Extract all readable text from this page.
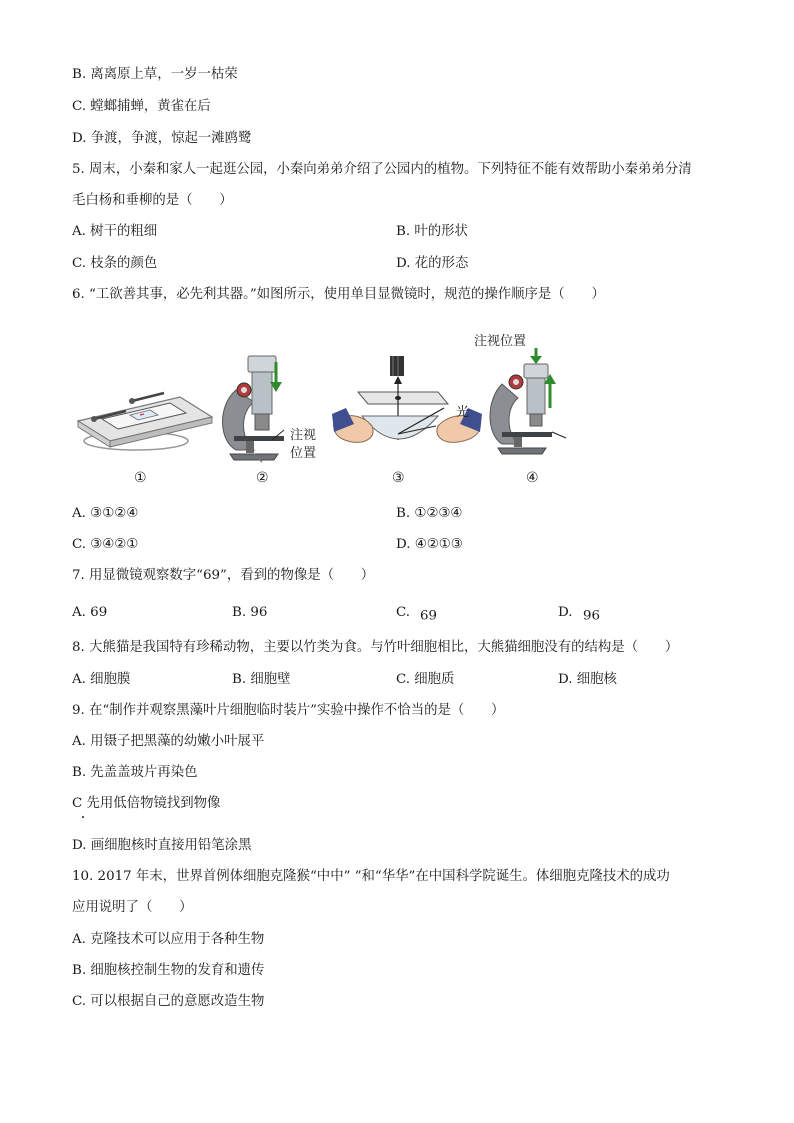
B. 离离原上草，一岁一枯荣
C. 螳螂捕蝉，黄雀在后
D. 争渡，争渡，惊起一滩鸥鹭
5. 周末，小秦和家人一起逛公园，小秦向弟弟介绍了公园内的植物。下列特征不能有效帮助小秦弟弟分清
毛白杨和垂柳的是（　　）
A. 树干的粗细	B. 叶的形状
C. 枝条的颜色	D. 花的形态
6. “工欲善其事，必先利其器。”如图所示，使用单目显微镜时，规范的操作顺序是（　　）
①
注视
位置
②
光
③
注视位置
④
A. ③①②④	B. ①②③④
C. ③④②①	D. ④②①③
7. 用显微镜观察数字“69”，看到的物像是（　　）
A. 69	B. 96	C. 69	D. 96
8. 大熊猫是我国特有珍稀动物，主要以竹类为食。与竹叶细胞相比，大熊猫细胞没有的结构是（　　）
A. 细胞膜	B. 细胞壁	C. 细胞质	D. 细胞核
9. 在“制作并观察黑藻叶片细胞临时装片”实验中操作不恰当的是（　　）
A. 用镊子把黑藻的幼嫩小叶展平
B. 先盖盖玻片再染色
C 先用低倍物镜找到物像
D. 画细胞核时直接用铅笔涂黑
10. 2017 年末，世界首例体细胞克隆猴“中中” ”和“华华”在中国科学院诞生。体细胞克隆技术的成功
应用说明了（　　）
A. 克隆技术可以应用于各种生物
B. 细胞核控制生物的发育和遗传
C. 可以根据自己的意愿改造生物
